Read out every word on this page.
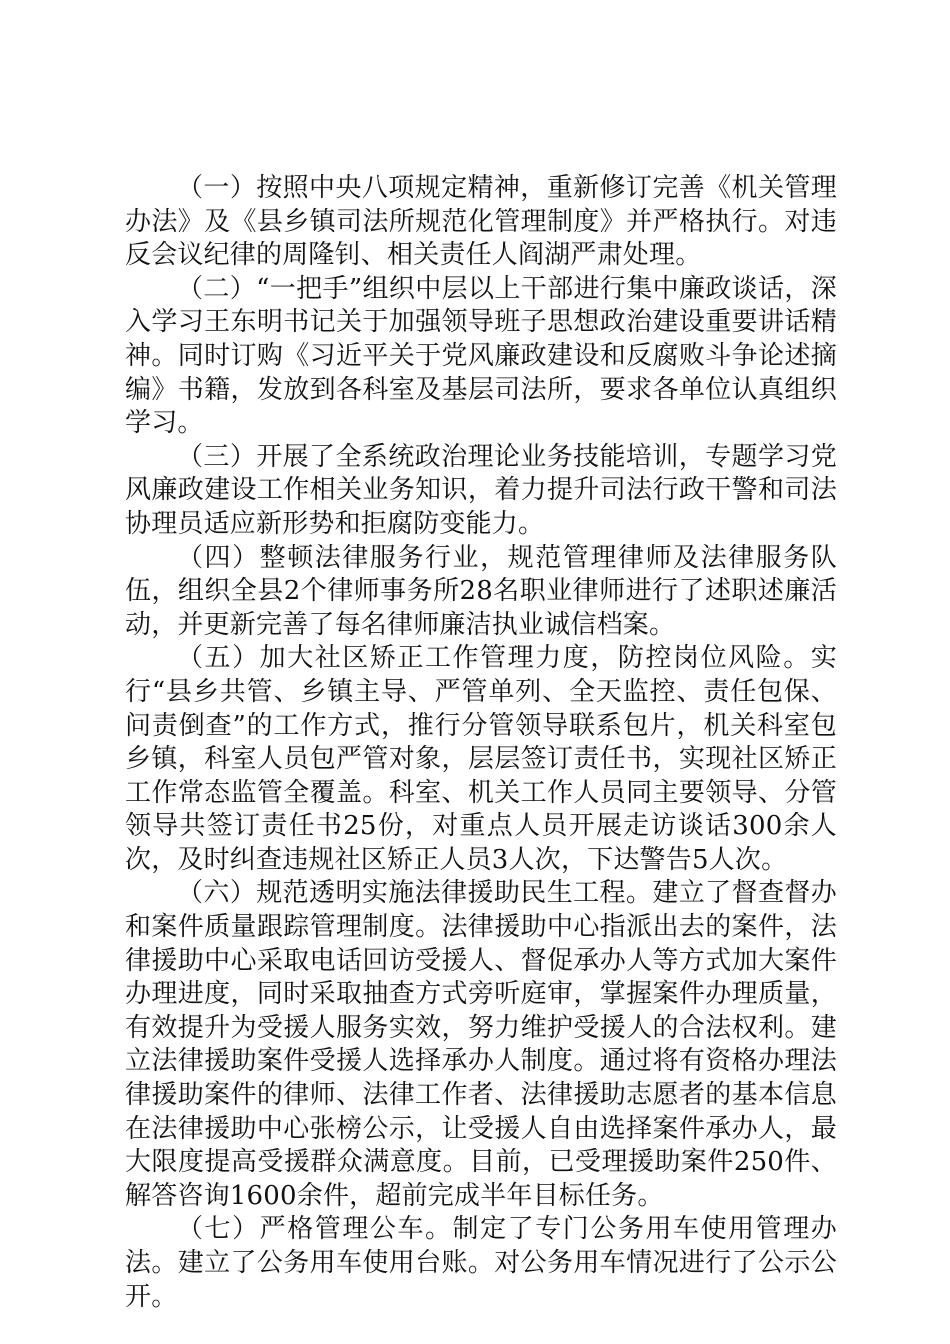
（一）按照中央八项规定精神，重新修订完善《机关管理办法》及《县乡镇司法所规范化管理制度》并严格执行。对违反会议纪律的周隆钊、相关责任人阎湖严肃处理。

（二）“一把手”组织中层以上干部进行集中廉政谈话，深入学习王东明书记关于加强领导班子思想政治建设重要讲话精神。同时订购《习近平关于党风廉政建设和反腐败斗争论述摘编》书籍，发放到各科室及基层司法所，要求各单位认真组织学习。

（三）开展了全系统政治理论业务技能培训，专题学习党风廉政建设工作相关业务知识，着力提升司法行政干警和司法协理员适应新形势和拒腐防变能力。

（四）整顿法律服务行业，规范管理律师及法律服务队伍，组织全县2个律师事务所28名职业律师进行了述职述廉活动，并更新完善了每名律师廉洁执业诚信档案。

（五）加大社区矫正工作管理力度，防控岗位风险。实行“县乡共管、乡镇主导、严管单列、全天监控、责任包保、问责倒查”的工作方式，推行分管领导联系包片，机关科室包乡镇，科室人员包严管对象，层层签订责任书，实现社区矫正工作常态监管全覆盖。科室、机关工作人员同主要领导、分管领导共签订责任书25份，对重点人员开展走访谈话300余人次，及时纠查违规社区矫正人员3人次，下达警告5人次。

（六）规范透明实施法律援助民生工程。建立了督查督办和案件质量跟踪管理制度。法律援助中心指派出去的案件，法律援助中心采取电话回访受援人、督促承办人等方式加大案件办理进度，同时采取抽查方式旁听庭审，掌握案件办理质量，有效提升为受援人服务实效，努力维护受援人的合法权利。建立法律援助案件受援人选择承办人制度。通过将有资格办理法律援助案件的律师、法律工作者、法律援助志愿者的基本信息在法律援助中心张榜公示，让受援人自由选择案件承办人，最大限度提高受援群众满意度。目前，已受理援助案件250件、解答咨询1600余件，超前完成半年目标任务。

（七）严格管理公车。制定了专门公务用车使用管理办法。建立了公务用车使用台账。对公务用车情况进行了公示公开。
